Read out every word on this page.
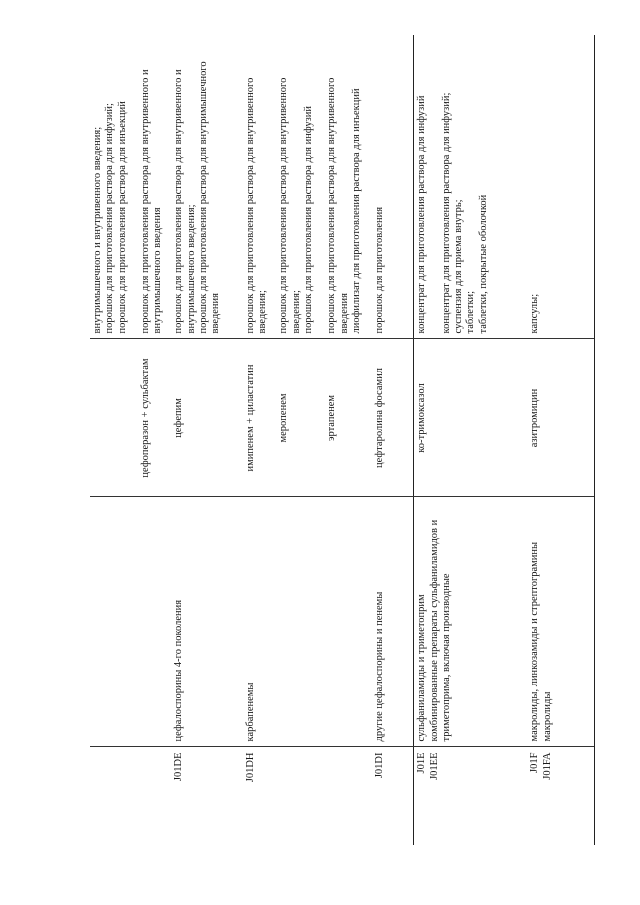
			внутримышечного и внутривенного введения; порошок для приготовления раствора для инфузий; порошок для приготовления раствора для инъекций

		цефоперазон + сульбактам	порошок для приготовления раствора для внутривенного и внутримышечного введения

J01DE	цефалоспорины 4-го поколения	цефепим	порошок для приготовления раствора для внутривенного и внутримышечного введения; порошок для приготовления раствора для внутримышечного введения

J01DH	карбапенемы	имипенем + циластатин	порошок для приготовления раствора для внутривенного введения;

		меропенем	порошок для приготовления раствора для внутривенного введения; порошок для приготовления раствора для инфузий

		эртапенем	порошок для приготовления раствора для внутривенного введения лиофилизат для приготовления раствора для инъекций

J01DI	другие цефалоспорины и пенемы	цефтаролина фосамил	порошок для приготовления

J01E J01EE	сульфаниламиды и триметоприм комбинированные препараты сульфаниламидов и триметоприма, включая производные	ко-тримоксазол	концентрат для приготовления раствора для инфузий концентрат для приготовления раствора для инфузий; суспензия для приема внутрь; таблетки; таблетки, покрытые оболочкой

J01F J01FA	макролиды, линкозамиды и стрептограмины макролиды	азитромицин	капсулы;
